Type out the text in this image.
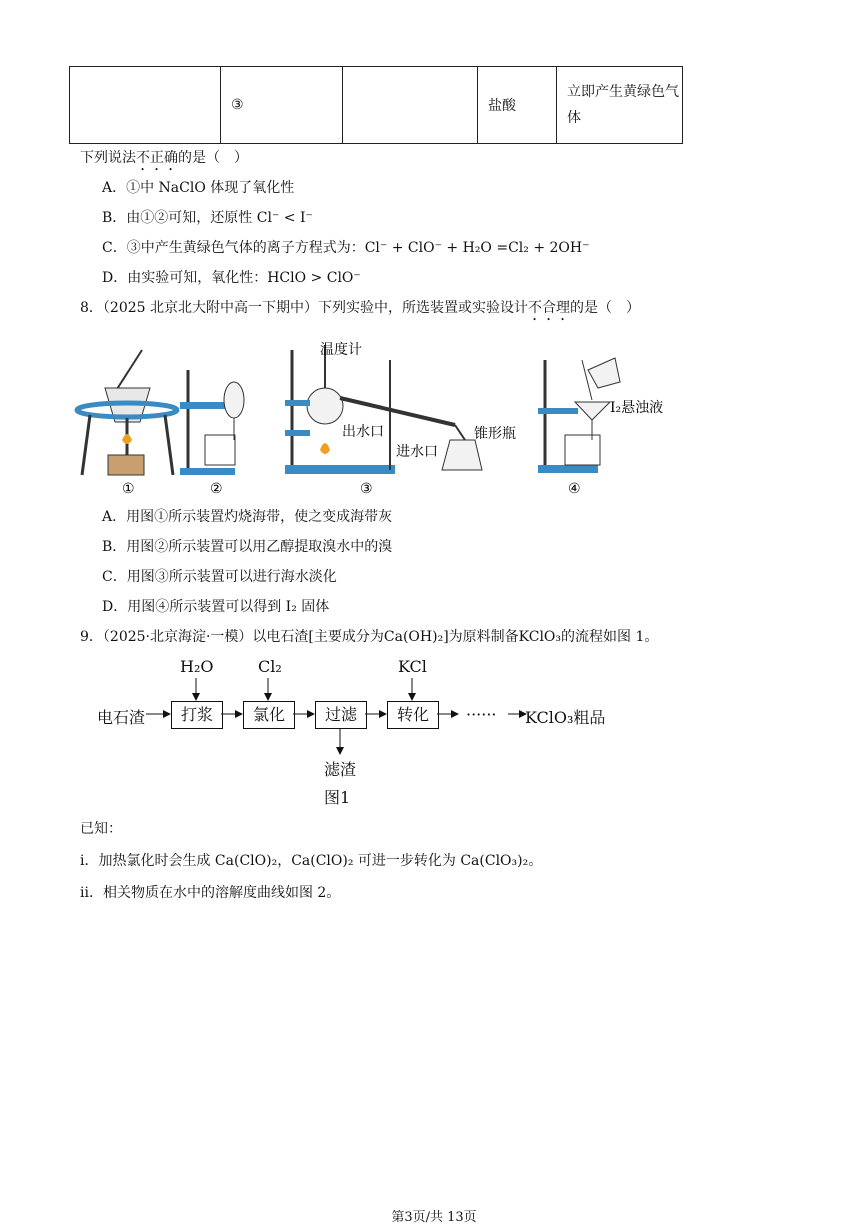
	③		盐酸	立即产生黄绿色气体
下列说法不正确的是（　）
A．①中 NaClO 体现了氧化性
B．由①②可知，还原性 Cl⁻ < I⁻
C．③中产生黄绿色气体的离子方程式为：Cl⁻ + ClO⁻ + H₂O =Cl₂ + 2OH⁻
D．由实验可知，氧化性：HClO > ClO⁻
8．（2025 北京北大附中高一下期中）下列实验中，所选装置或实验设计不合理的是（　）
①	②
温度计
出水口
进水口
锥形瓶
③
I₂悬浊液
④
A．用图①所示装置灼烧海带，使之变成海带灰
B．用图②所示装置可以用乙醇提取溴水中的溴
C．用图③所示装置可以进行海水淡化
D．用图④所示装置可以得到 I₂ 固体
9．（2025·北京海淀·一模）以电石渣[主要成分为Ca(OH)₂]为原料制备KClO₃的流程如图 1。
电石渣	打浆	氯化	过滤	转化
H₂O	Cl₂	KCl
······ KClO₃粗品
滤渣
图1
已知：
i．加热氯化时会生成 Ca(ClO)₂，Ca(ClO)₂ 可进一步转化为 Ca(ClO₃)₂。
ii．相关物质在水中的溶解度曲线如图 2。
第3页/共 13页
